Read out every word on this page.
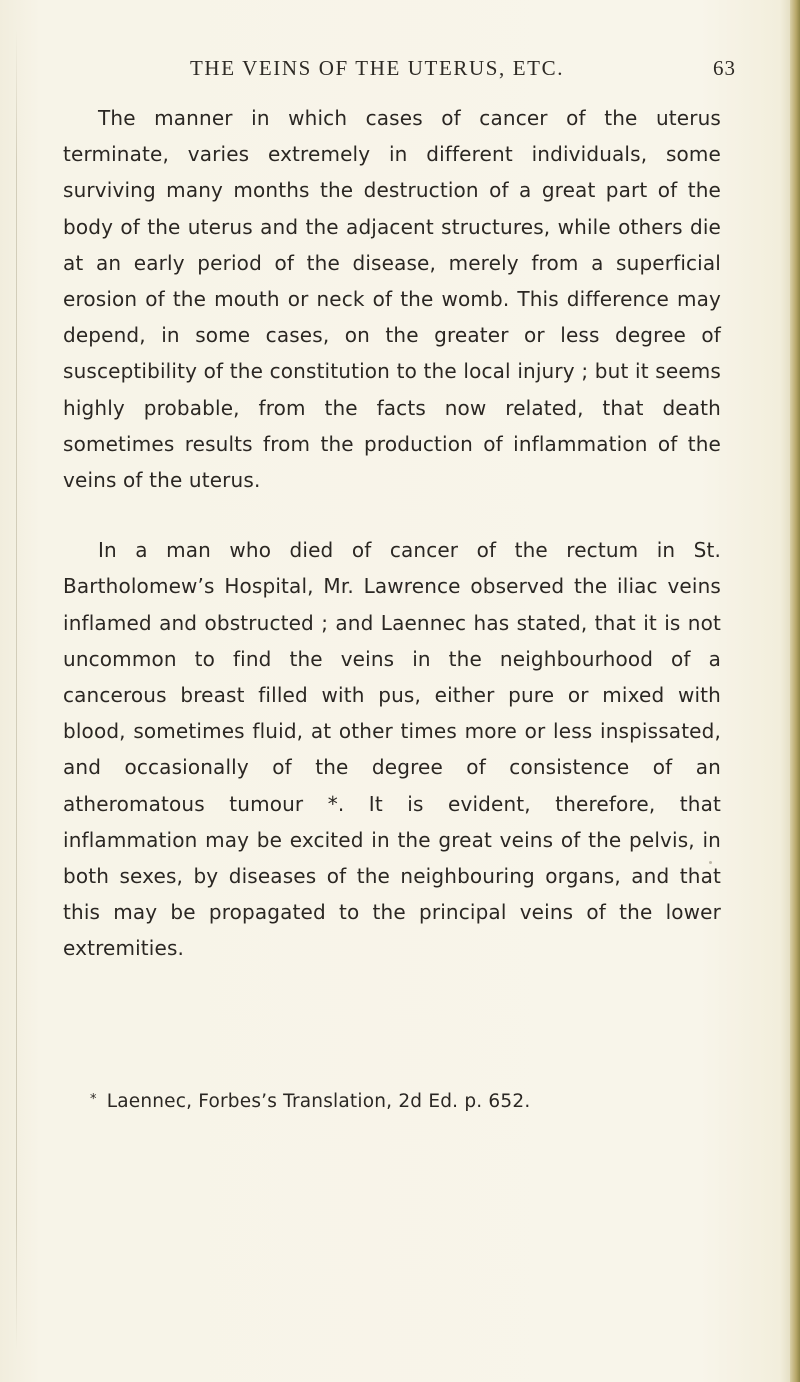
THE VEINS OF THE UTERUS, ETC.	63

The manner in which cases of cancer of the uterus terminate, varies extremely in different individuals, some surviving many months the destruction of a great part of the body of the uterus and the adjacent structures, while others die at an early period of the disease, merely from a superficial erosion of the mouth or neck of the womb. This difference may depend, in some cases, on the greater or less degree of susceptibility of the constitution to the local injury ; but it seems highly probable, from the facts now related, that death sometimes results from the production of inflammation of the veins of the uterus.

In a man who died of cancer of the rectum in St. Bartholomew’s Hospital, Mr. Lawrence observed the iliac veins inflamed and obstructed ; and Laennec has stated, that it is not uncommon to find the veins in the neighbourhood of a cancerous breast filled with pus, either pure or mixed with blood, sometimes fluid, at other times more or less inspissated, and occasionally of the degree of consistence of an atheromatous tumour *. It is evident, therefore, that inflammation may be excited in the great veins of the pelvis, in both sexes, by diseases of the neighbouring organs, and that this may be propagated to the principal veins of the lower extremities.

* Laennec, Forbes’s Translation, 2d Ed. p. 652.
